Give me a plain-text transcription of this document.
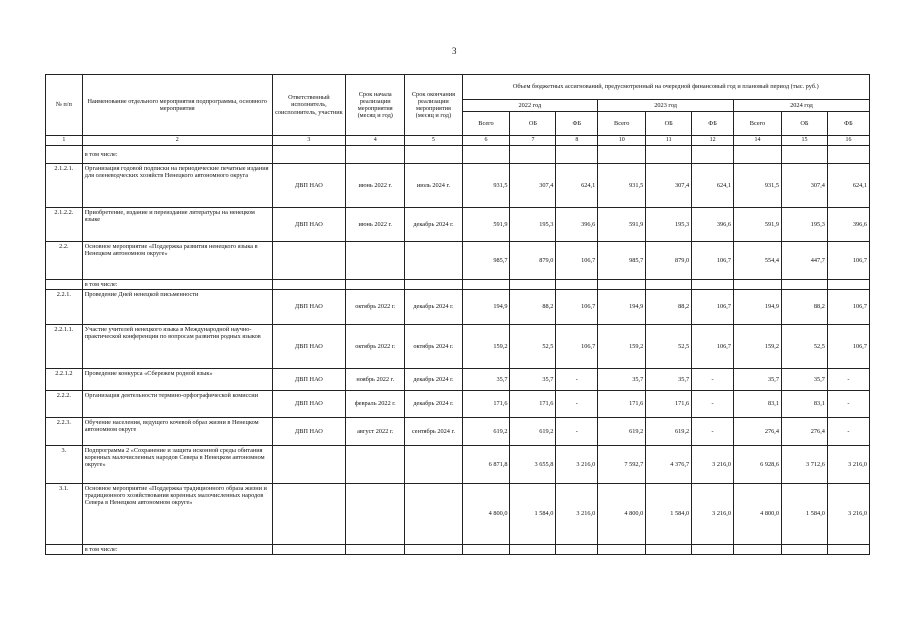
3
№ п/п	Наименование отдельного мероприятия подпрограммы, основного мероприятия	Ответственный исполнитель, соисполнитель, участник	Срок начала реализации мероприятия (месяц и год)	Срок окончания реализации мероприятия (месяц и год)	Объем бюджетных ассигнований, предусмотренный на очередной финансовый год и плановый период (тыс. руб.)								
					2022 год			2023 год			2024 год		
					Всего	ОБ	ФБ	Всего	ОБ	ФБ	Всего	ОБ	ФБ
1	2	3	4	5	6	7	8	10	11	12	14	15	16
	в том числе:												
2.1.2.1.	Организация годовой подписки на периодические печатные издания для оленеводческих хозяйств Ненецкого автономного округа	ДВП НАО	июнь 2022 г.	июль 2024 г.	931,5	307,4	624,1	931,5	307,4	624,1	931,5	307,4	624,1
2.1.2.2.	Приобретение, издание и переиздание литературы на ненецком языке	ДВП НАО	июнь 2022 г.	декабрь 2024 г.	591,9	195,3	396,6	591,9	195,3	396,6	591,9	195,3	396,6
2.2.	Основное мероприятие «Поддержка развития ненецкого языка в Ненецком автономном округе»				985,7	879,0	106,7	985,7	879,0	106,7	554,4	447,7	106,7
	в том числе:												
2.2.1.	Проведение Дней ненецкой письменности	ДВП НАО	октябрь 2022 г.	декабрь 2024 г.	194,9	88,2	106,7	194,9	88,2	106,7	194,9	88,2	106,7
2.2.1.1.	Участие учителей ненецкого языка в Международной научно-практической конференции по вопросам развития родных языков	ДВП НАО	октябрь 2022 г.	октябрь 2024 г.	159,2	52,5	106,7	159,2	52,5	106,7	159,2	52,5	106,7
2.2.1.2	Проведение конкурса «Сбережем родной язык»	ДВП НАО	ноябрь 2022 г.	декабрь 2024 г.	35,7	35,7	-	35,7	35,7	-	35,7	35,7	-
2.2.2.	Организация деятельности термино-орфографической комиссии	ДВП НАО	февраль 2022 г.	декабрь 2024 г.	171,6	171,6	-	171,6	171,6	-	83,1	83,1	-
2.2.3.	Обучение населения, ведущего кочевой образ жизни в Ненецком автономном округе	ДВП НАО	август 2022 г.	сентябрь 2024 г.	619,2	619,2	-	619,2	619,2	-	276,4	276,4	-
3.	Подпрограмма 2 «Сохранение и защита исконной среды обитания коренных малочисленных народов Севера в Ненецком автономном округе»				6 871,8	3 655,8	3 216,0	7 592,7	4 376,7	3 216,0	6 928,6	3 712,6	3 216,0
3.1.	Основное мероприятие «Поддержка традиционного образа жизни и традиционного хозяйствования коренных малочисленных народов Севера в Ненецком автономном округе»				4 800,0	1 584,0	3 216,0	4 800,0	1 584,0	3 216,0	4 800,0	1 584,0	3 216,0
	в том числе:												
